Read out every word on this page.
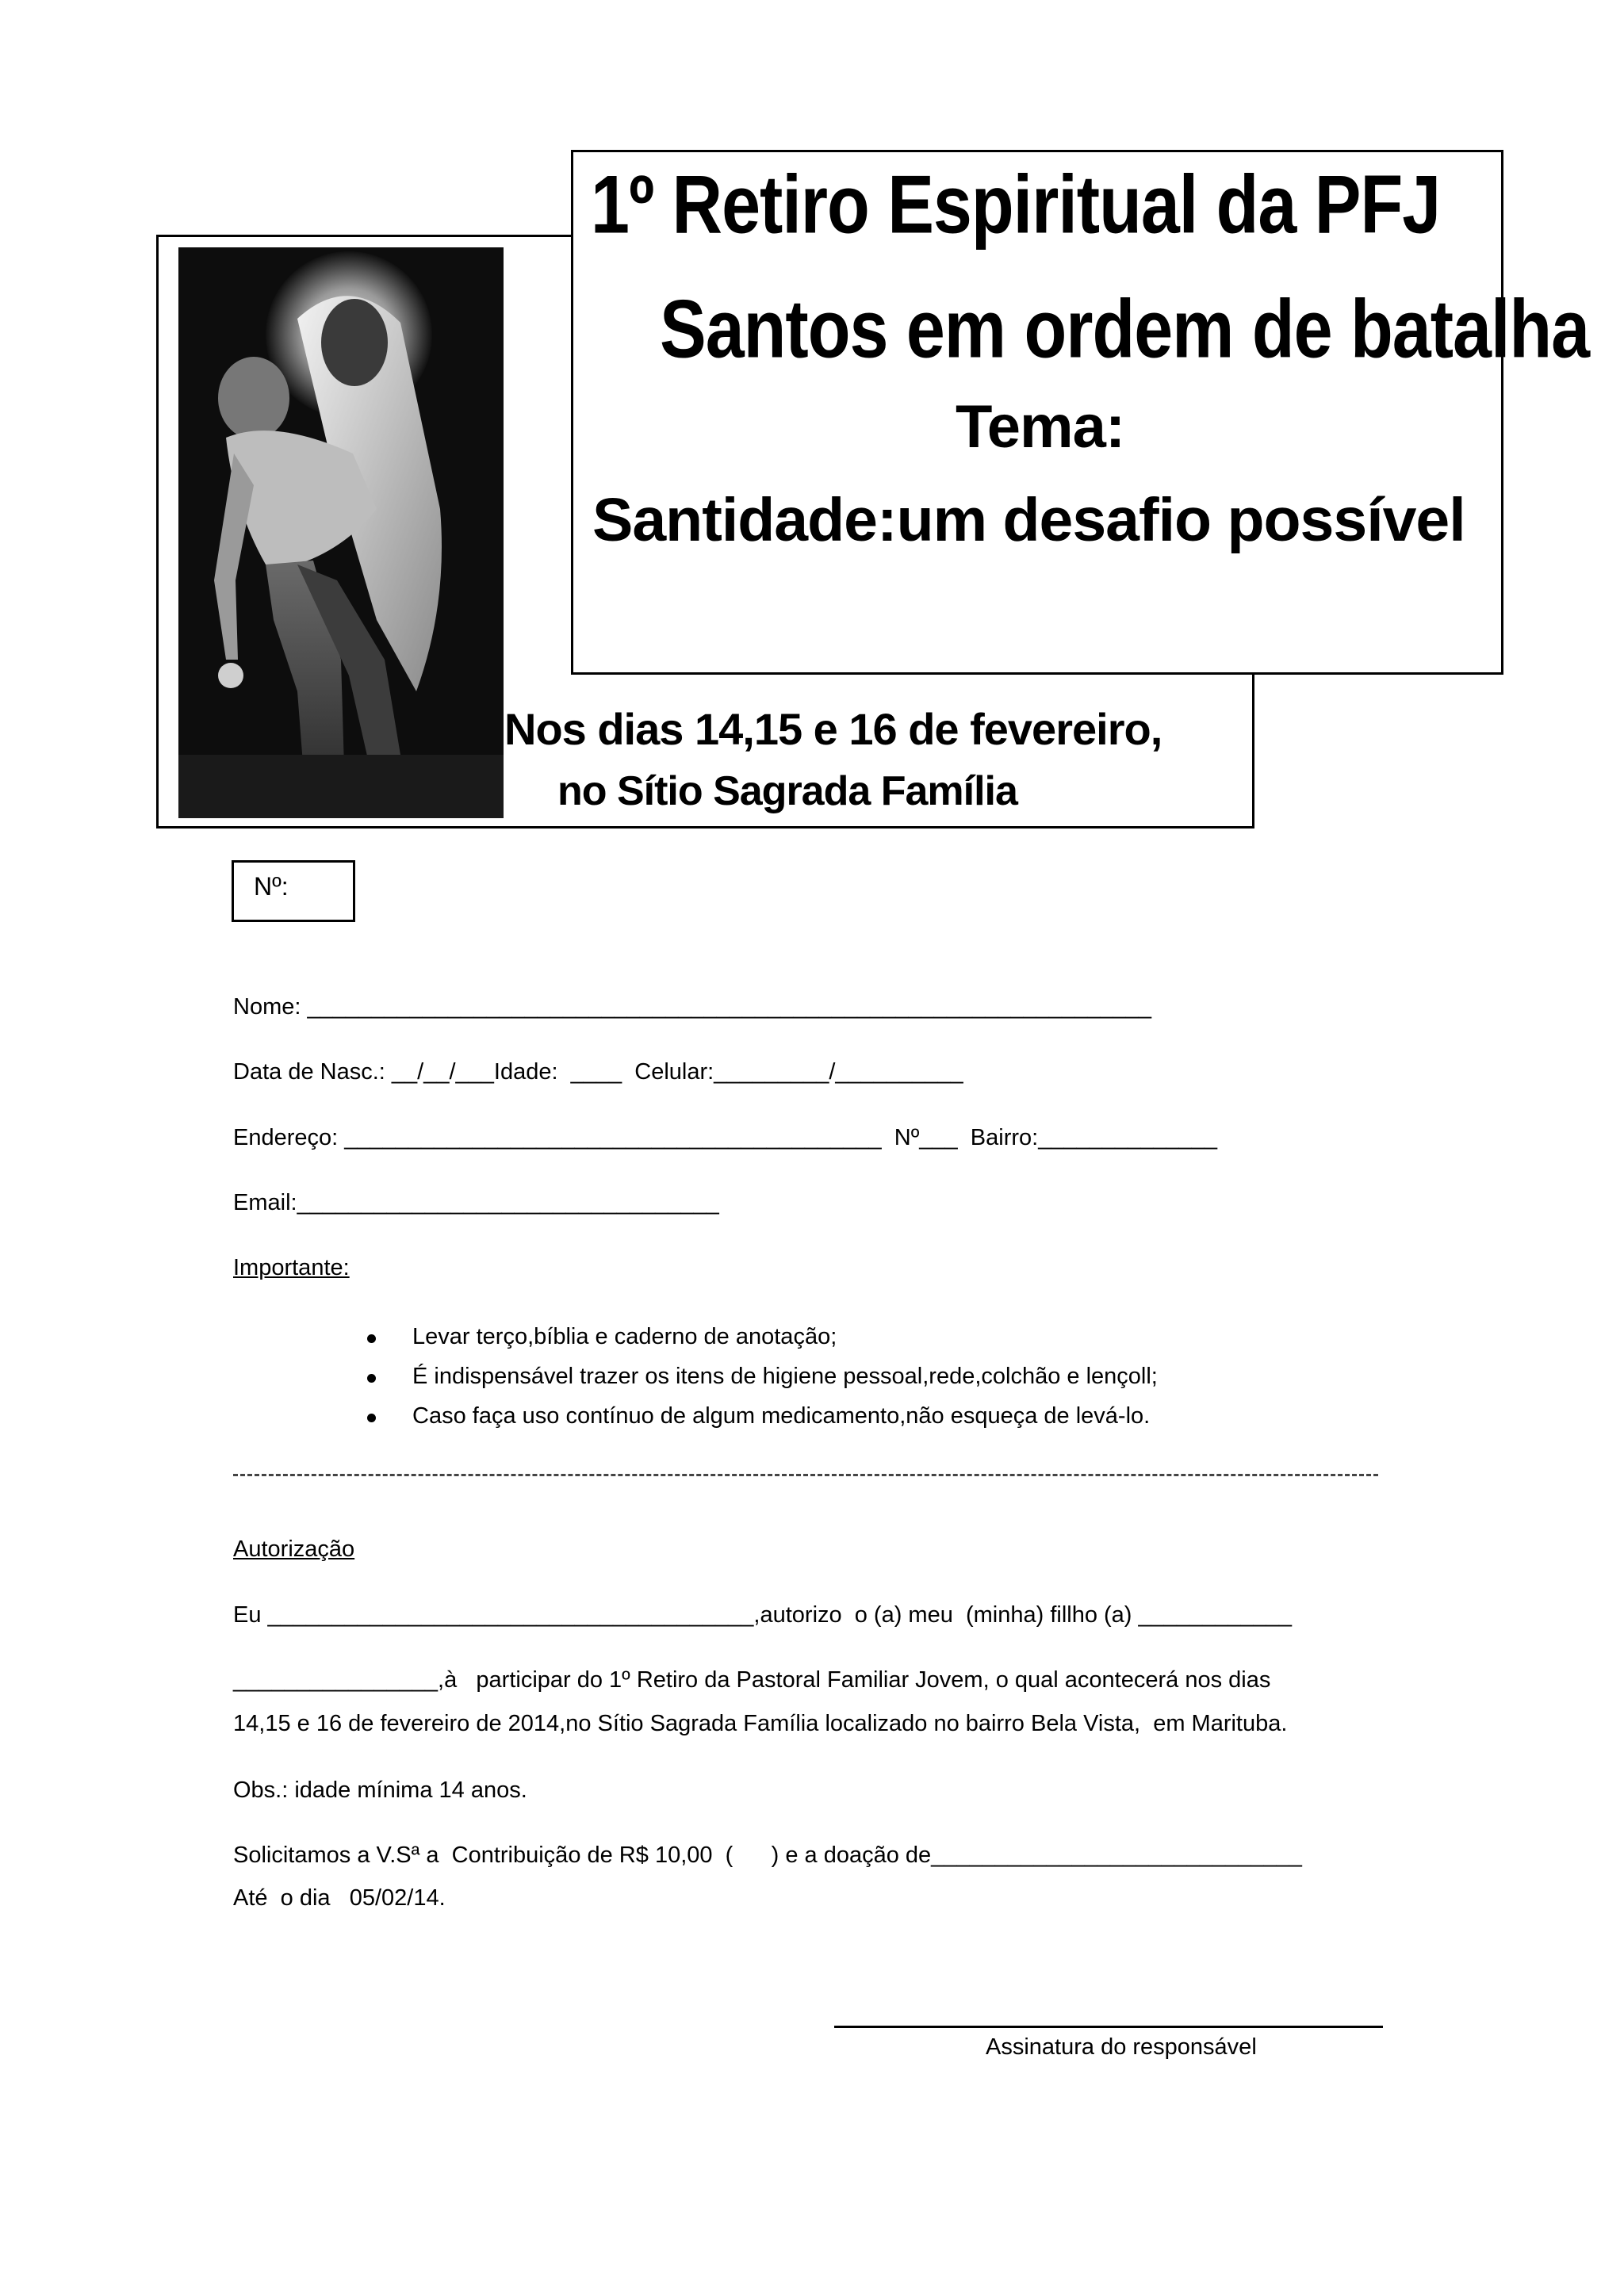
1º Retiro Espiritual da PFJ
Santos em ordem de batalha
Tema:
Santidade:um desafio possível
Nos dias 14,15 e 16 de fevereiro,
no Sítio Sagrada Família
Nº:
Nome: __________________________________________________________________
Data de Nasc.: __/__/___Idade:  ____  Celular:_________/__________
Endereço: __________________________________________  Nº___  Bairro:______________
Email:_________________________________
Importante:
Levar terço,bíblia e caderno de anotação;
É indispensável trazer os itens de higiene pessoal,rede,colchão e lençoll;
Caso faça uso contínuo de algum medicamento,não esqueça de levá-lo.
Autorização
Eu ______________________________________,autorizo  o (a) meu  (minha) fillho (a) ____________
________________,à   participar do 1º Retiro da Pastoral Familiar Jovem, o qual acontecerá nos dias
14,15 e 16 de fevereiro de 2014,no Sítio Sagrada Família localizado no bairro Bela Vista,  em Marituba.
Obs.: idade mínima 14 anos.
Solicitamos a V.Sª a  Contribuição de R$ 10,00  (      ) e a doação de_____________________________
Até  o dia   05/02/14.
Assinatura do responsável
